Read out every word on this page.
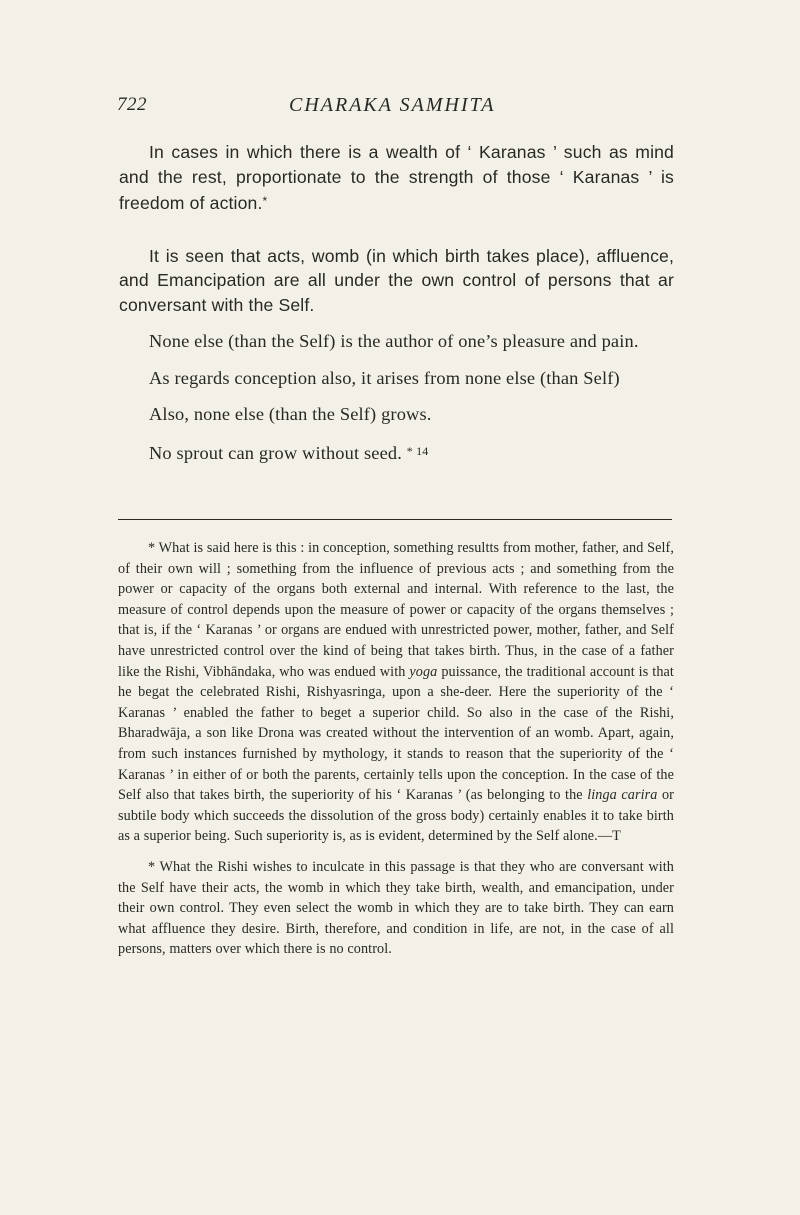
722	CHARAKA SAMHITA

In cases in which there is a wealth of ‘ Karanas ’ such as mind and the rest, proportionate to the strength of those ‘ Karanas ’ is freedom of action.*

It is seen that acts, womb (in which birth takes place), affluence, and Emancipation are all under the own control of persons that ar conversant with the Self.

None else (than the Self) is the author of one’s pleasure and pain.

As regards conception also, it arises from none else (than Self)

Also, none else (than the Self) grows.

No sprout can grow without seed. $^{* 14}$

* What is said here is this : in conception, something resultts from mother, father, and Self, of their own will ; something from the influence of previous acts ; and something from the power or capacity of the organs both external and internal. With reference to the last, the measure of control depends upon the measure of power or capacity of the organs themselves ; that is, if the ‘ Karanas ’ or organs are endued with unrestricted power, mother, father, and Self have unrestricted control over the kind of being that takes birth. Thus, in the case of a father like the Rishi, Vibhāndaka, who was endued with yoga puissance, the traditional account is that he begat the celebrated Rishi, Rishyasringa, upon a she-deer. Here the superiority of the ‘ Karanas ’ enabled the father to beget a superior child. So also in the case of the Rishi, Bharadwāja, a son like Drona was created without the intervention of an womb. Apart, again, from such instances furnished by mythology, it stands to reason that the superiority of the ‘ Karanas ’ in either of or both the parents, certainly tells upon the conception. In the case of the Self also that takes birth, the superiority of his ‘ Karanas ’ (as belonging to the linga carira or subtile body which succeeds the dissolution of the gross body) certainly enables it to take birth as a superior being. Such superiority is, as is evident, determined by the Self alone.—T

* What the Rishi wishes to inculcate in this passage is that they who are conversant with the Self have their acts, the womb in which they take birth, wealth, and emancipation, under their own control. They even select the womb in which they are to take birth. They can earn what affluence they desire. Birth, therefore, and condition in life, are not, in the case of all persons, matters over which there is no control.
